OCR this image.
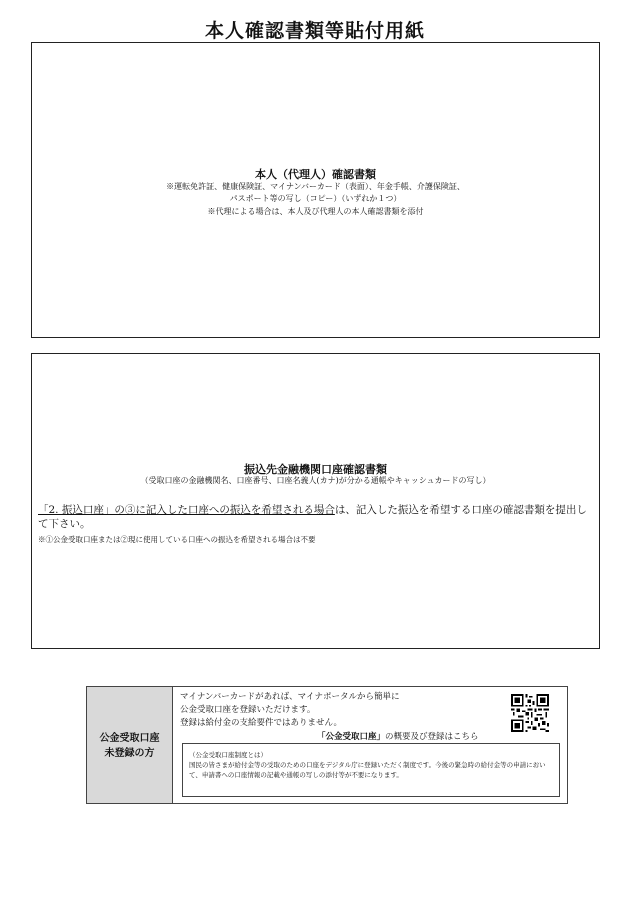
本人確認書類等貼付用紙
本人（代理人）確認書類
※運転免許証、健康保険証、マイナンバーカード（表面）、年金手帳、介護保険証、
パスポート等の写し（コピー）（いずれか１つ）
※代理による場合は、本人及び代理人の本人確認書類を添付
振込先金融機関口座確認書類
（受取口座の金融機関名、口座番号、口座名義人(カナ)が分かる通帳やキャッシュカードの写し）
「2. 振込口座」の③に記入した口座への振込を希望される場合は、記入した振込を希望する口座の確認書類を提出して下さい。
※①公金受取口座または②現に使用している口座への振込を希望される場合は不要
公金受取口座
未登録の方
マイナンバーカードがあれば、マイナポータルから簡単に
公金受取口座を登録いただけます。
登録は給付金の支給要件ではありません。
「公金受取口座」の概要及び登録はこちら
（公金受取口座制度とは）
国民の皆さまが給付金等の受取のための口座をデジタル庁に登録いただく制度です。今後の緊急時の給付金等の申請において、申請書への口座情報の記載や通帳の写しの添付等が不要になります。
